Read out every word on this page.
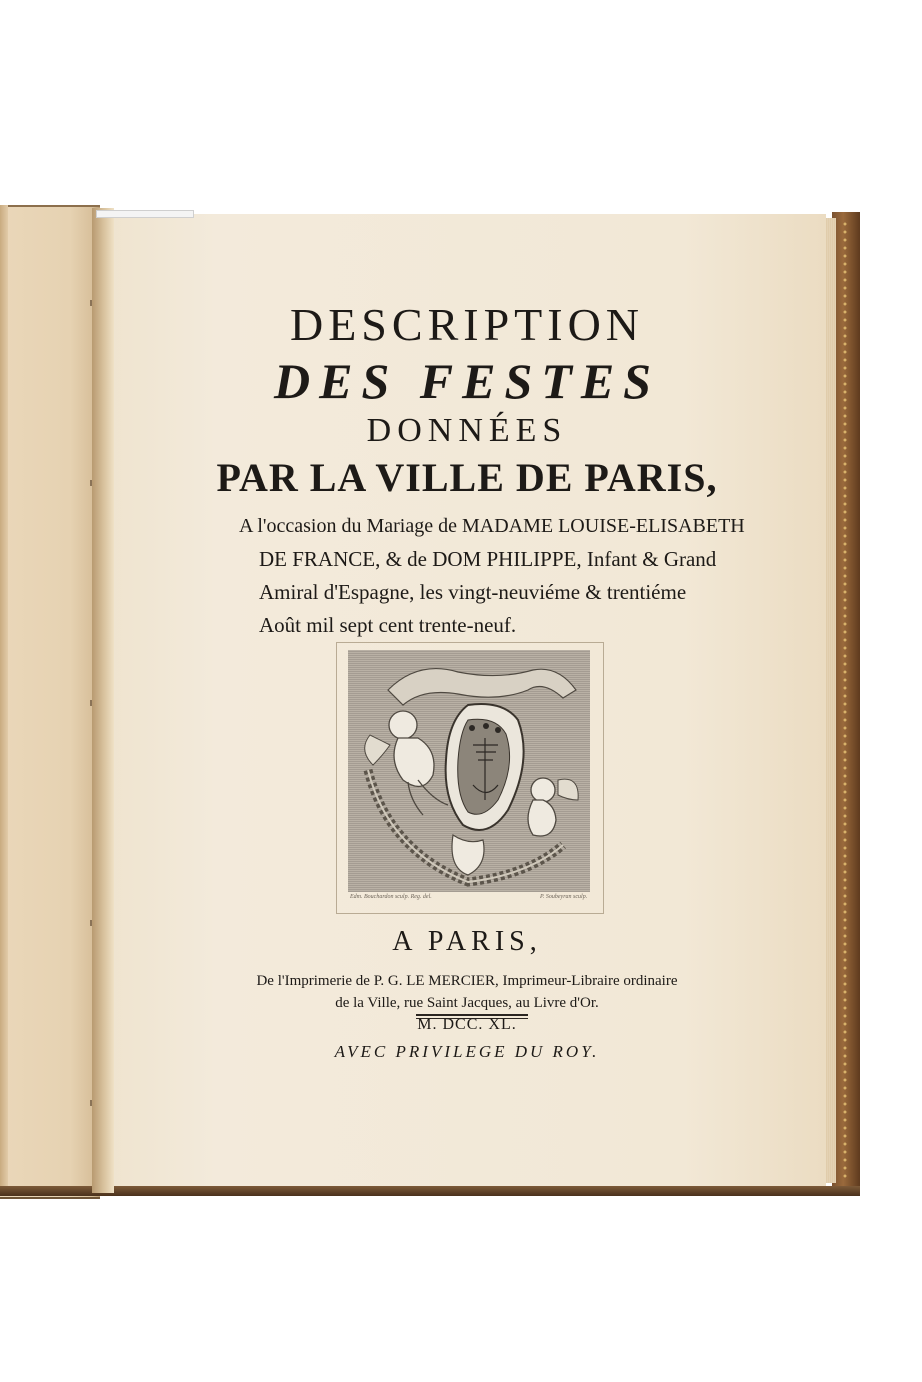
DESCRIPTION
DES FESTES
DONNÉES
PAR LA VILLE DE PARIS,
A l'occasion du Mariage de MADAME LOUISE-ELISABETH
DE FRANCE, & de DOM PHILIPPE, Infant & Grand
Amiral d'Espagne, les vingt-neuviéme & trentiéme
Août mil sept cent trente-neuf.
Edm. Bouchardon sculp. Reg. del.	P. Soubeyran sculp.
A PARIS,
De l'Imprimerie de P. G. LE MERCIER, Imprimeur-Libraire ordinaire
de la Ville, rue Saint Jacques, au Livre d'Or.
M. DCC. XL.
AVEC PRIVILEGE DU ROY.
